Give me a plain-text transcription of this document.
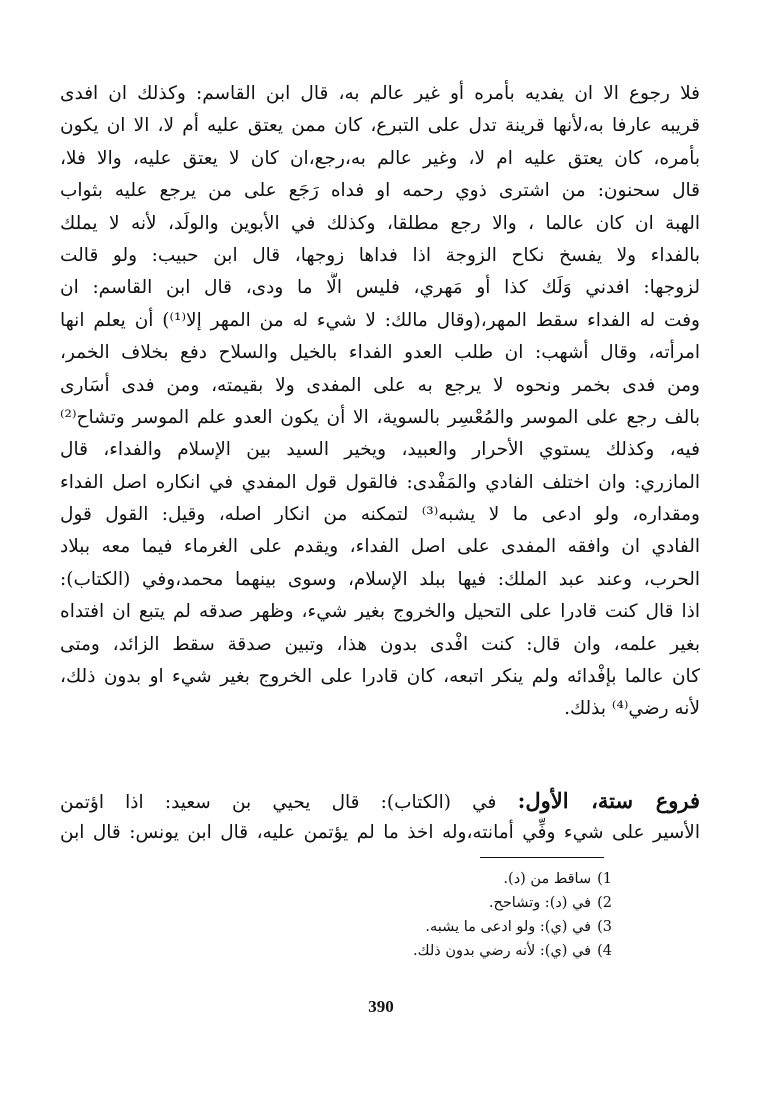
فلا رجوع الا ان يفديه بأمره أو غير عالم به، قال ابن القاسم: وكذلك ان افدى
قريبه عارفا به،لأنها قرينة تدل على التبرع، كان ممن يعتق عليه أم لا، الا ان يكون
بأمره، كان يعتق عليه ام لا، وغير عالم به،رجع،ان كان لا يعتق عليه، والا فلا،
قال سحنون: من اشترى ذوي رحمه او فداه رَجَع على من يرجع عليه بثواب
الهبة ان كان عالما ، والا رجع مطلقا، وكذلك في الأبوين والولَد، لأنه لا يملك
بالفداء ولا يفسخ نكاح الزوجة اذا فداها زوجها، قال ابن حبيب: ولو قالت
لزوجها: افدني وَلَك كذا أو مَهري، فليس الَّا ما ودى، قال ابن القاسم: ان
وفت له الفداء سقط المهر،(وقال مالك: لا شيء له من المهر إلا⁽¹⁾) أن يعلم انها
امرأته، وقال أشهب: ان طلب العدو الفداء بالخيل والسلاح دفع بخلاف الخمر،
ومن فدى بخمر ونحوه لا يرجع به على المفدى ولا بقيمته، ومن فدى أسَارى
بالف رجع على الموسر والمُعْسِر بالسوية، الا أن يكون العدو علم الموسر وتشاح⁽²⁾
فيه، وكذلك يستوي الأحرار والعبيد، ويخير السيد بين الإسلام والفداء، قال
المازري: وان اختلف الفادي والمَفْدى: فالقول قول المفدي في انكاره اصل الفداء
ومقداره، ولو ادعى ما لا يشبه⁽³⁾ لتمكنه من انكار اصله، وقيل: القول قول
الفادي ان وافقه المفدى على اصل الفداء، ويقدم على الغرماء فيما معه ببلاد
الحرب، وعند عبد الملك: فيها ببلد الإسلام، وسوى بينهما محمد،وفي (الكتاب):
اذا قال كنت قادرا على التحيل والخروج بغير شيء، وظهر صدقه لم يتبع ان افتداه
بغير علمه، وان قال: كنت افْدى بدون هذا، وتبين صدقة سقط الزائد، ومتى
كان عالما بإفْدائه ولم ينكر اتبعه، كان قادرا على الخروج بغير شيء او بدون ذلك،
لأنه رضي⁽⁴⁾ بذلك.
فروع ستة، الأول: في (الكتاب): قال يحيي بن سعيد: اذا اؤتمن
الأسير على شيء وفِّي أمانته،وله اخذ ما لم يؤتمن عليه، قال ابن يونس: قال ابن
1)ساقط من (د).
2)في (د): وتشاحح.
3)في (ي): ولو ادعى ما يشبه.
4)في (ي): لأنه رضي بدون ذلك.
390
